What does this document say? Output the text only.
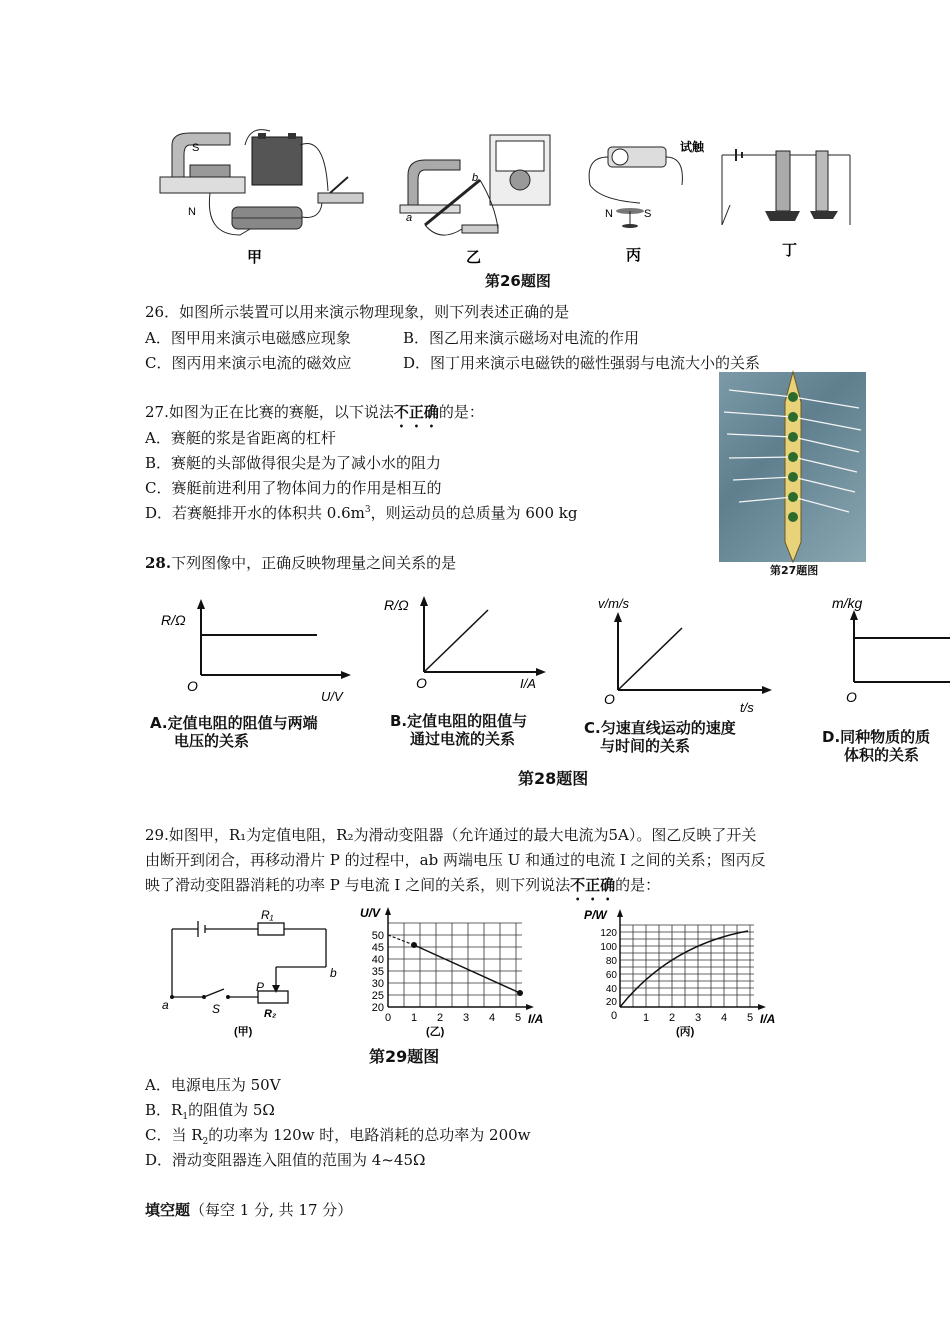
S
N	a
b
试触
N	S
甲	乙	丙	丁
第26题图
26．如图所示装置可以用来演示物理现象，则下列表述正确的是
A．图甲用来演示电磁感应现象	B．图乙用来演示磁场对电流的作用
C．图丙用来演示电流的磁效应	D．图丁用来演示电磁铁的磁性强弱与电流大小的关系
27.如图为正在比赛的赛艇，以下说法不正确的是：
A．赛艇的浆是省距离的杠杆
B．赛艇的头部做得很尖是为了减小水的阻力
C．赛艇前进利用了物体间力的作用是相互的
D．若赛艇排开水的体积共 $0.6m^3$，则运动员的总质量为 600 kg
第27题图
28.下列图像中，正确反映物理量之间关系的是
R/Ω
O
U/V
A.定值电阻的阻值与两端
电压的关系
R/Ω
O	I/A
B.定值电阻的阻值与
通过电流的关系
v/m/s
O
t/s
C.匀速直线运动的速度
与时间的关系
m/kg
O
D.同种物质的质
体积的关系
第28题图
29.如图甲，R₁为定值电阻，R₂为滑动变阻器（允许通过的最大电流为5A）。图乙反映了开关
由断开到闭合，再移动滑片 P 的过程中，ab 两端电压 U 和通过的电流 I 之间的关系；图丙反
映了滑动变阻器消耗的功率 P 与电流 I 之间的关系，则下列说法不正确的是：
R₁
R₂
P
S
a
b
(甲)
U/V
50
45
40
35
30
25
20
0 1 2 3 4 5 I/A
(乙)
P/W
120
100
80
60
40
20
0 1 2 3 4 5 I/A
(丙)
第29题图
A．电源电压为 50V
B．$R_1$的阻值为 5Ω
C．当 $R_2$的功率为 120w 时，电路消耗的总功率为 200w
D．滑动变阻器连入阻值的范围为 4~45Ω
填空题（每空 1 分, 共 17 分）
